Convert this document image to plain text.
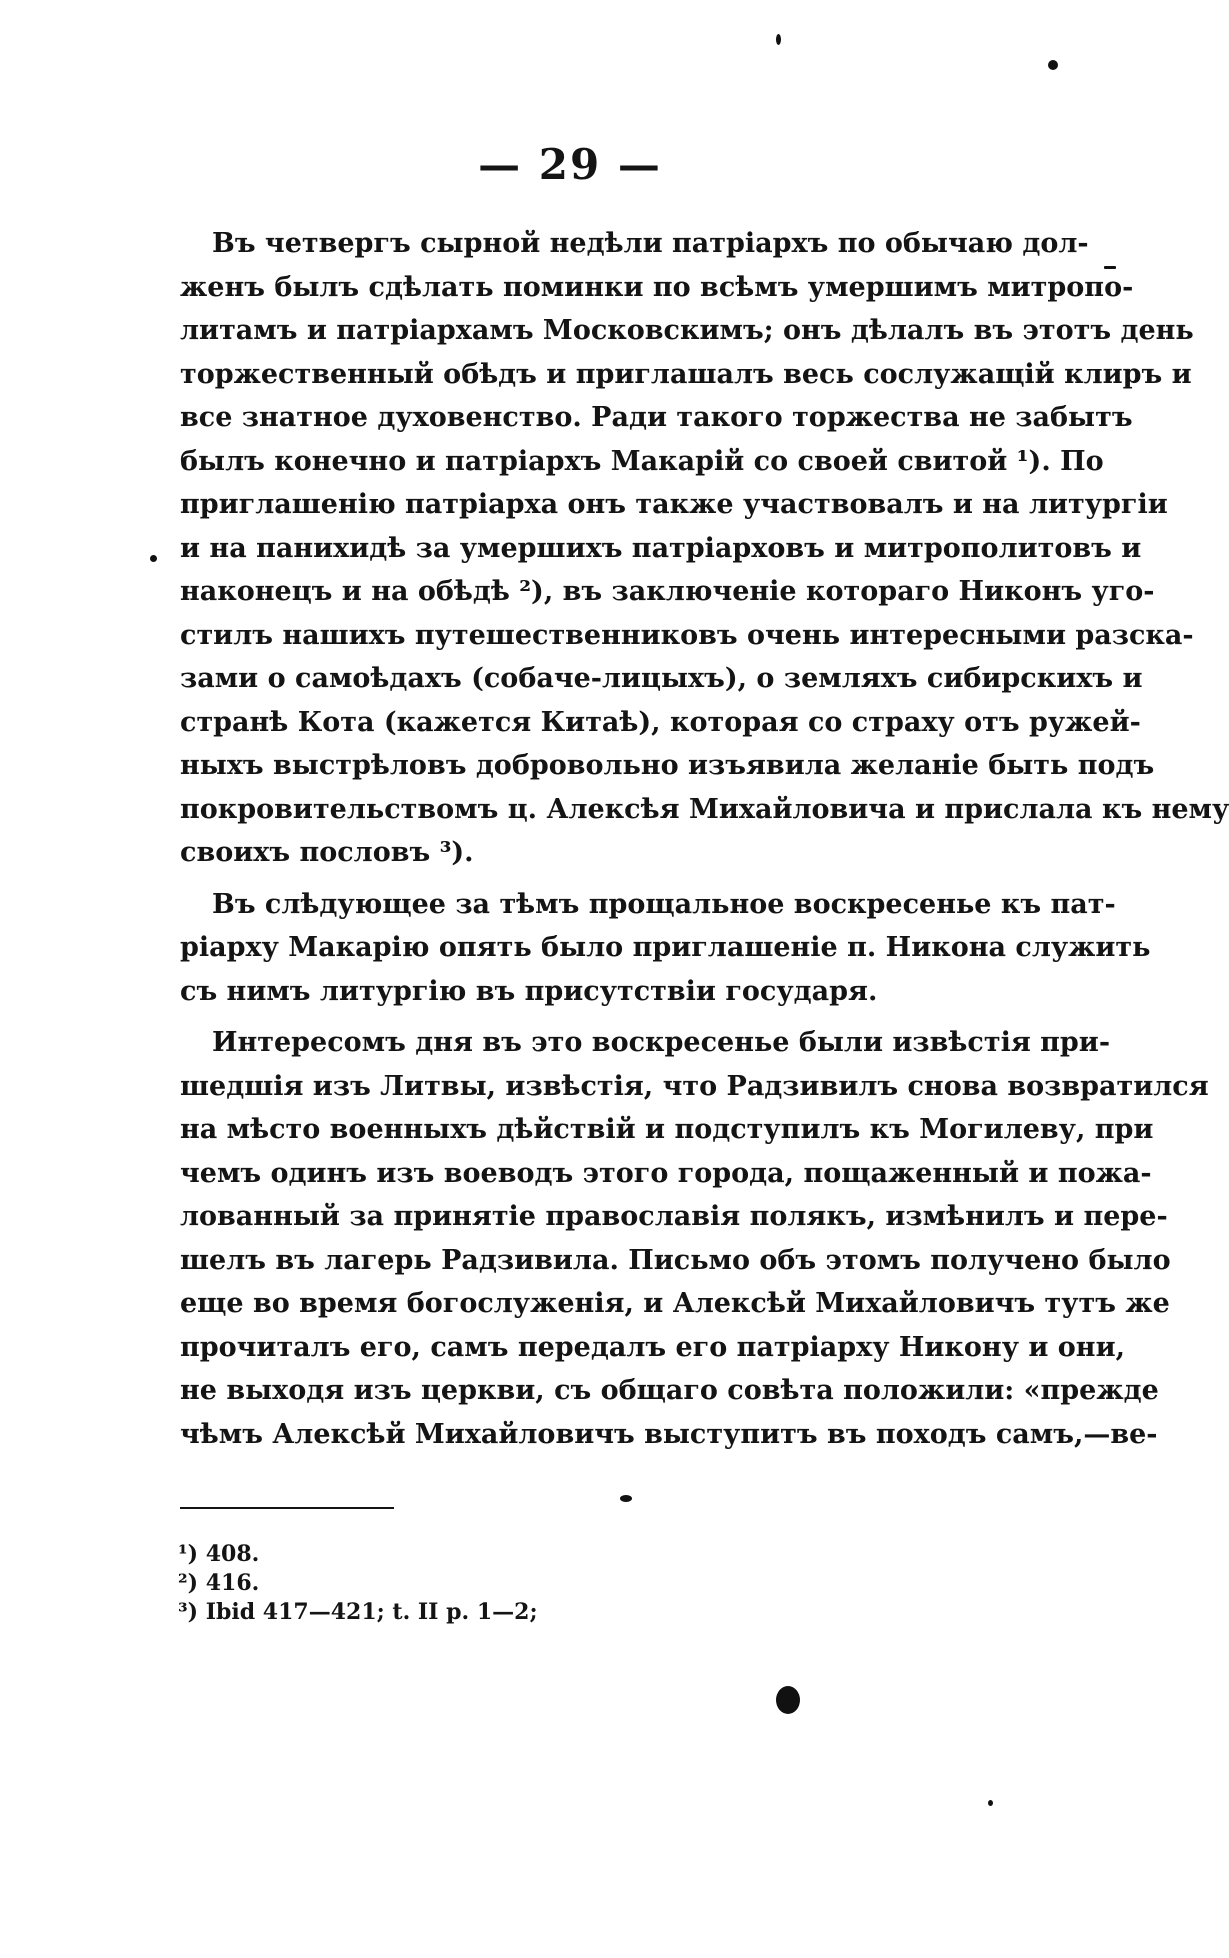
— 29 —
Въ четвергъ сырной недѣли патріархъ по обычаю дол-
женъ былъ сдѣлать поминки по всѣмъ умершимъ митропо-
литамъ и патріархамъ Московскимъ; онъ дѣлалъ въ этотъ день
торжественный обѣдъ и приглашалъ весь сослужащій клиръ и
все знатное духовенство. Ради такого торжества не забытъ
былъ конечно и патріархъ Макарій со своей свитой ¹). По
приглашенію патріарха онъ также участвовалъ и на литургіи
и на панихидѣ за умершихъ патріарховъ и митрополитовъ и
наконецъ и на обѣдѣ ²), въ заключеніе котораго Никонъ уго-
стилъ нашихъ путешественниковъ очень интересными разска-
зами о самоѣдахъ (собаче-лицыхъ), о земляхъ сибирскихъ и
странѣ Кота (кажется Китаѣ), которая со страху отъ ружей-
ныхъ выстрѣловъ добровольно изъявила желаніе быть подъ
покровительствомъ ц. Алексѣя Михайловича и прислала къ нему
своихъ пословъ ³).
Въ слѣдующее за тѣмъ прощальное воскресенье къ пат-
ріарху Макарію опять было приглашеніе п. Никона служить
съ нимъ литургію въ присутствіи государя.
Интересомъ дня въ это воскресенье были извѣстія при-
шедшія изъ Литвы, извѣстія, что Радзивилъ снова возвратился
на мѣсто военныхъ дѣйствій и подступилъ къ Могилеву, при
чемъ одинъ изъ воеводъ этого города, пощаженный и пожа-
лованный за принятіе православія полякъ, измѣнилъ и пере-
шелъ въ лагерь Радзивила. Письмо объ этомъ получено было
еще во время богослуженія, и Алексѣй Михайловичъ тутъ же
прочиталъ его, самъ передалъ его патріарху Никону и они,
не выходя изъ церкви, съ общаго совѣта положили: «прежде
чѣмъ Алексѣй Михайловичъ выступитъ въ походъ самъ,—ве-
¹) 408.
²) 416.
³) Ibid 417—421; t. II p. 1—2;
